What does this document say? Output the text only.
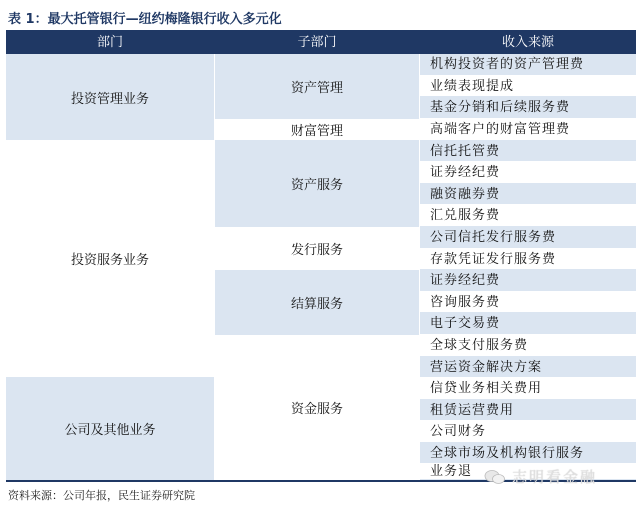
表 1：最大托管银行—纽约梅隆银行收入多元化
部门	子部门	收入来源
投资管理业务
投资服务业务
公司及其他业务
资产管理
财富管理
资产服务
发行服务
结算服务
资金服务
机构投资者的资产管理费
业绩表现提成
基金分销和后续服务费
高端客户的财富管理费
信托托管费
证券经纪费
融资融券费
汇兑服务费
公司信托发行服务费
存款凭证发行服务费
证券经纪费
咨询服务费
电子交易费
全球支付服务费
营运资金解决方案
信贷业务相关费用
租赁运营费用
公司财务
全球市场及机构银行服务
业务退
资料来源：公司年报，民生证券研究院
志明看金融
